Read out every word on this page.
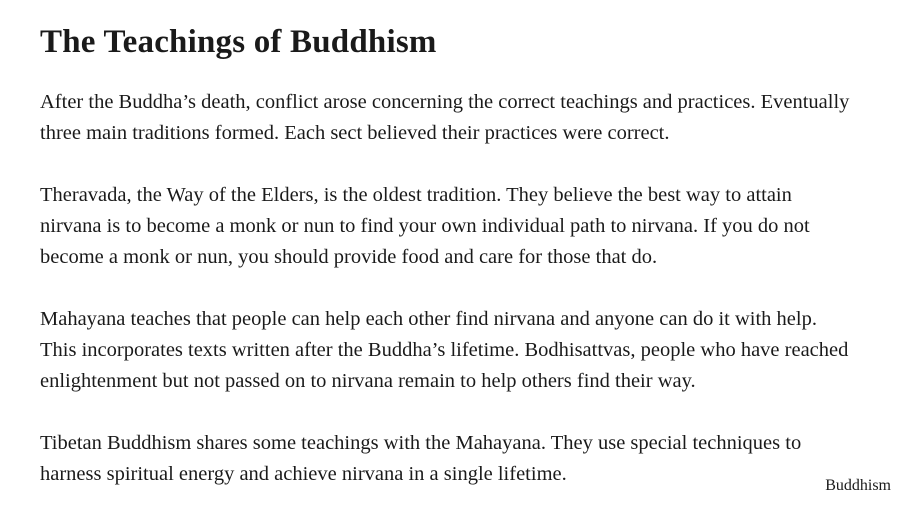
The Teachings of Buddhism

After the Buddha’s death, conflict arose concerning the correct teachings and practices. Eventually three main traditions formed. Each sect believed their practices were correct.

Theravada, the Way of the Elders, is the oldest tradition. They believe the best way to attain nirvana is to become a monk or nun to find your own individual path to nirvana. If you do not become a monk or nun, you should provide food and care for those that do.

Mahayana teaches that people can help each other find nirvana and anyone can do it with help. This incorporates texts written after the Buddha’s lifetime. Bodhisattvas, people who have reached enlightenment but not passed on to nirvana remain to help others find their way.

Tibetan Buddhism shares some teachings with the Mahayana. They use special techniques to harness spiritual energy and achieve nirvana in a single lifetime.

Buddhism
